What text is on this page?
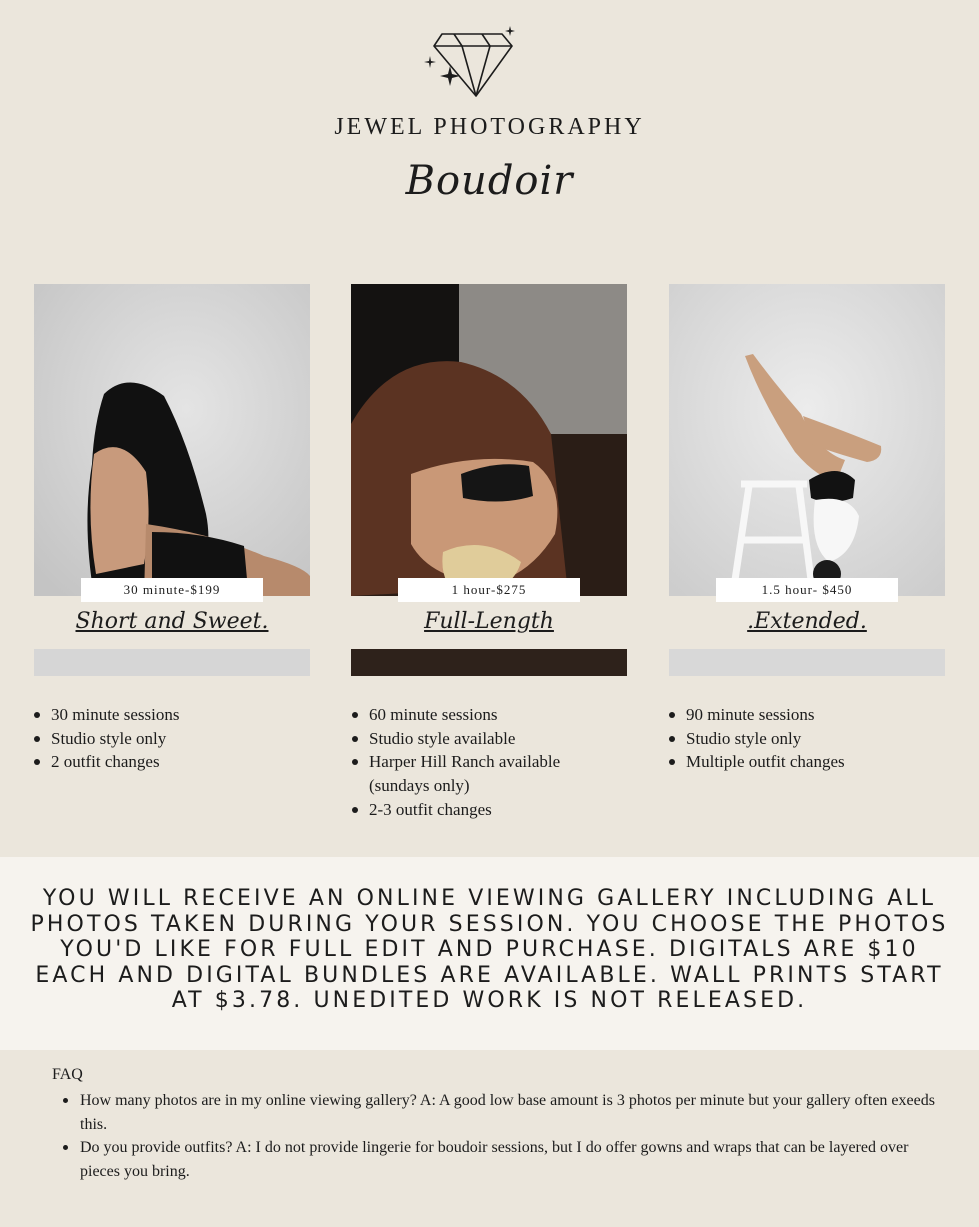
JEWEL PHOTOGRAPHY
Boudoir
30 minute-$199
Short and Sweet.
1 hour-$275
Full-Length
1.5 hour- $450
.Extended.
30 minute sessions
Studio style only
2 outfit changes
60 minute sessions
Studio style available
Harper Hill Ranch available (sundays only)
2-3 outfit changes
90 minute sessions
Studio style only
Multiple outfit changes
YOU WILL RECEIVE AN ONLINE VIEWING GALLERY INCLUDING ALL PHOTOS TAKEN DURING YOUR SESSION. YOU CHOOSE THE PHOTOS YOU'D LIKE FOR FULL EDIT AND PURCHASE. DIGITALS ARE $10 EACH AND DIGITAL BUNDLES ARE AVAILABLE. WALL PRINTS START AT $3.78. UNEDITED WORK IS NOT RELEASED.
FAQ
How many photos are in my online viewing gallery? A: A good low base amount is 3 photos per minute but your gallery often exeeds this.
Do you provide outfits? A: I do not provide lingerie for boudoir sessions, but I do offer gowns and wraps that can be layered over pieces you bring.
